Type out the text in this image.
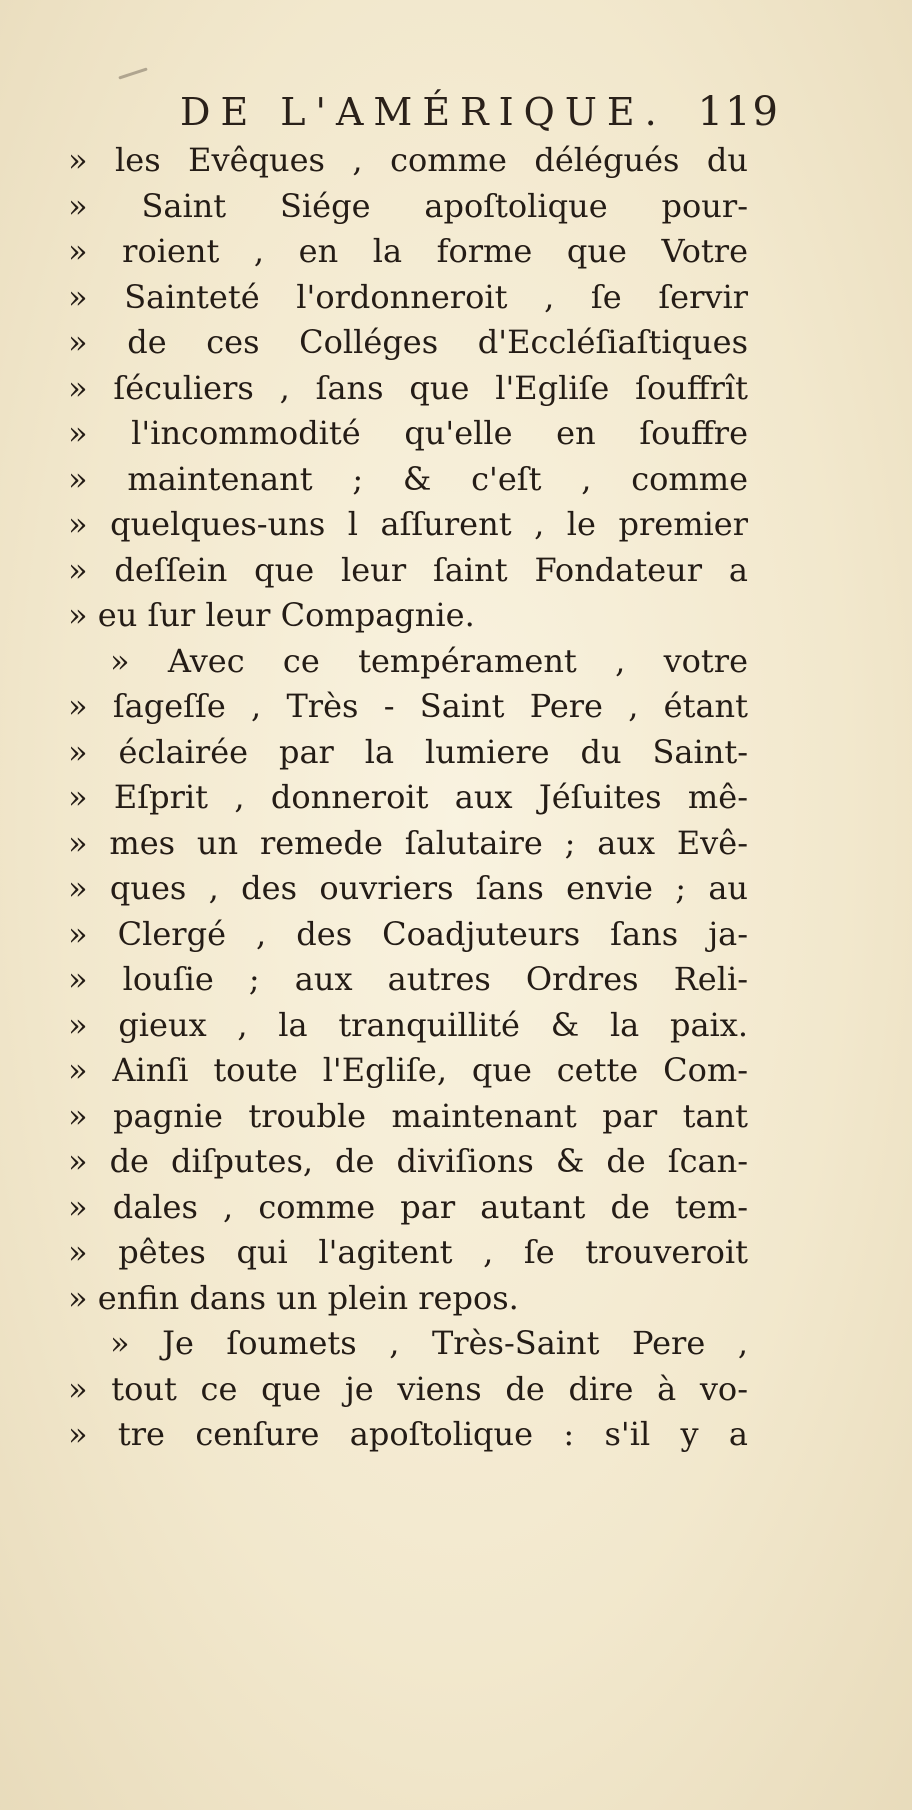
DE L'AMÉRIQUE. 119
» les Evêques , comme délégués du
» Saint Siége apoſtolique pour-
» roient , en la forme que Votre
» Sainteté l'ordonneroit , ſe ſervir
» de ces Colléges d'Eccléſiaſtiques
» ſéculiers , ſans que l'Egliſe ſouffrît
» l'incommodité qu'elle en ſouffre
» maintenant ; & c'eſt , comme
» quelques-uns l aſſurent , le premier
» deſſein que leur ſaint Fondateur a
» eu ſur leur Compagnie.
» Avec ce tempérament , votre
» ſageſſe , Très - Saint Pere , étant
» éclairée par la lumiere du Saint-
» Eſprit , donneroit aux Jéſuites mê-
» mes un remede ſalutaire ; aux Evê-
» ques , des ouvriers ſans envie ; au
» Clergé , des Coadjuteurs ſans ja-
» louſie ; aux autres Ordres Reli-
» gieux , la tranquillité & la paix.
» Ainſi toute l'Egliſe, que cette Com-
» pagnie trouble maintenant par tant
» de diſputes, de diviſions & de ſcan-
» dales , comme par autant de tem-
» pêtes qui l'agitent , ſe trouveroit
» enfin dans un plein repos.
» Je ſoumets , Très-Saint Pere ,
» tout ce que je viens de dire à vo-
» tre cenſure apoſtolique : s'il y a
